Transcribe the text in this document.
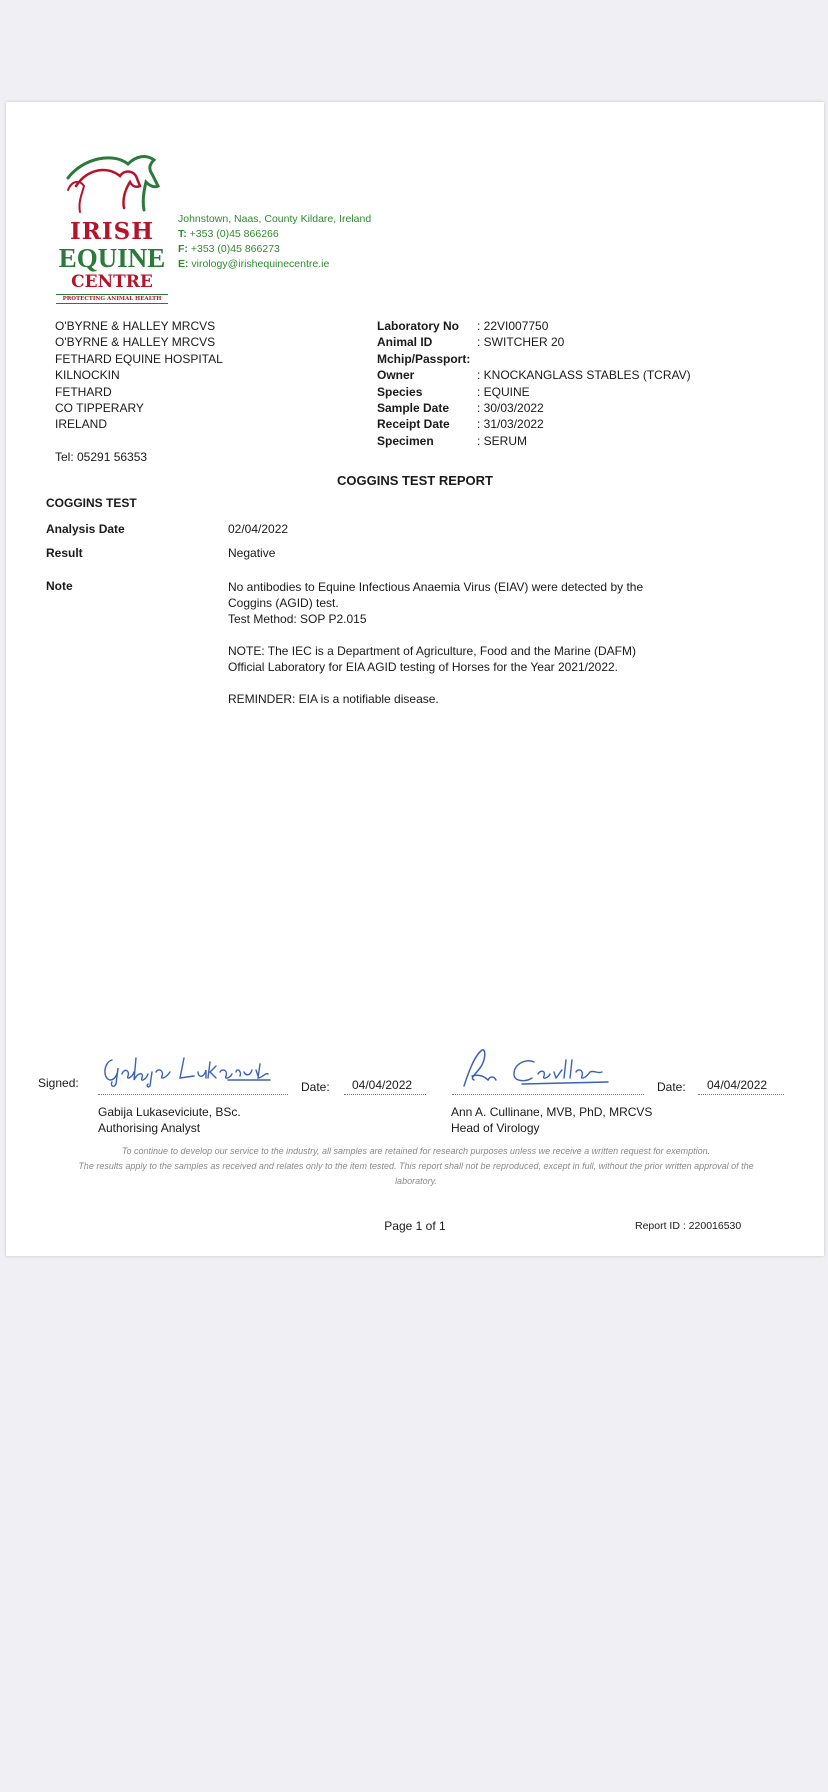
IRISH
EQUINE
CENTRE
PROTECTING ANIMAL HEALTH
Johnstown, Naas, County Kildare, Ireland
T: +353 (0)45 866266
F: +353 (0)45 866273
E: virology@irishequinecentre.ie
O'BYRNE & HALLEY MRCVS
O'BYRNE & HALLEY MRCVS
FETHARD EQUINE HOSPITAL
KILNOCKIN
FETHARD
CO TIPPERARY
IRELAND
Tel: 05291 56353
Laboratory No : 22VI007750
Animal ID	: SWITCHER 20
Mchip/Passport:
Owner	: KNOCKANGLASS STABLES (TCRAV)
Species	: EQUINE
Sample Date : 30/03/2022
Receipt Date : 31/03/2022
Specimen	: SERUM
COGGINS TEST REPORT
COGGINS TEST
Analysis Date	02/04/2022
Result	Negative
Note	No antibodies to Equine Infectious Anaemia Virus (EIAV) were detected by the Coggins (AGID) test.
Test Method: SOP P2.015

NOTE: The IEC is a Department of Agriculture, Food and the Marine (DAFM) Official Laboratory for EIA AGID testing of Horses for the Year 2021/2022.

REMINDER: EIA is a notifiable disease.

Signed:	Date: 04/04/2022
Gabija Lukaseviciute, BSc.
Authorising Analyst
Date: 04/04/2022
Ann A. Cullinane, MVB, PhD, MRCVS
Head of Virology
To continue to develop our service to the industry, all samples are retained for research purposes unless we receive a written request for exemption.
The results apply to the samples as received and relates only to the item tested. This report shall not be reproduced, except in full, without the prior written approval of the laboratory.
Page 1 of 1	Report ID : 220016530
